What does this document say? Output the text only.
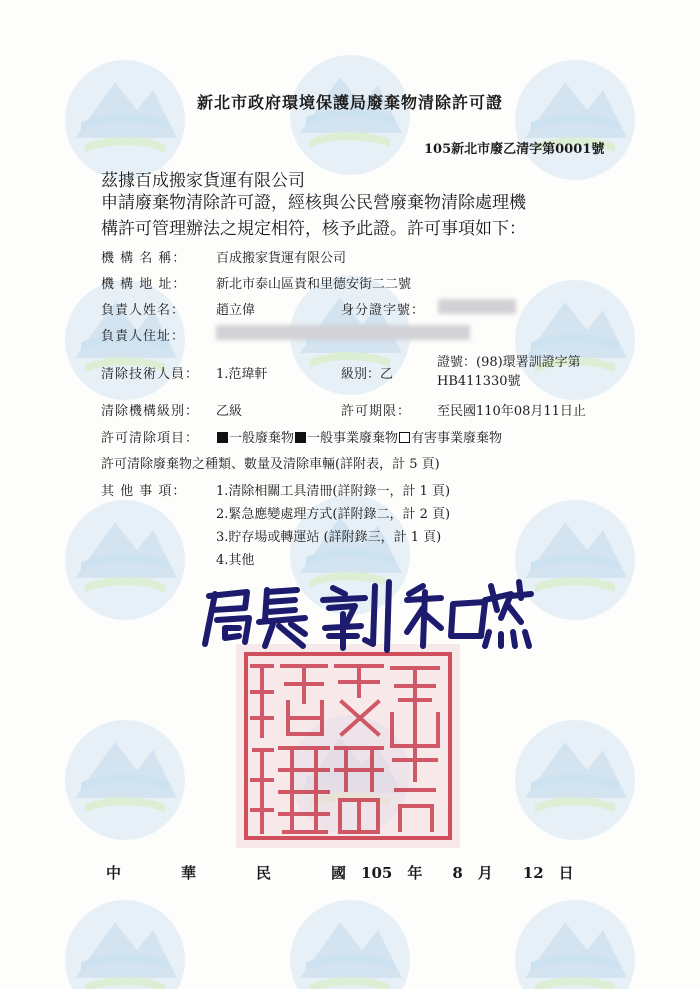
新北市政府環境保護局廢棄物清除許可證
105新北市廢乙清字第0001號
茲據百成搬家貨運有限公司
申請廢棄物清除許可證，經核與公民營廢棄物清除處理機
構許可管理辦法之規定相符，核予此證。許可事項如下：
機 構 名 稱： 百成搬家貨運有限公司
機 構 地 址： 新北市泰山區貴和里德安街二二號
負責人姓名： 趙立偉	身分證字號：
負責人住址：
清除技術人員： 1.范瑋軒	級別：乙
證號：(98)環署訓證字第
HB411330號
清除機構級別： 乙級	許可期限： 至民國110年08月11日止
許可清除項目：	一般廢棄物 一般事業廢棄物 有害事業廢棄物
許可清除廢棄物之種類、數量及清除車輛(詳附表，計 5 頁)
其 他 事 項： 1.清除相關工具清冊(詳附錄一，計 1 頁)
2.緊急應變處理方式(詳附錄二，計 2 頁)
3.貯存場或轉運站 (詳附錄三，計 1 頁)
4.其他
中　　　　華　　　　民　　　　國　105　年　　8　月　　12　日
